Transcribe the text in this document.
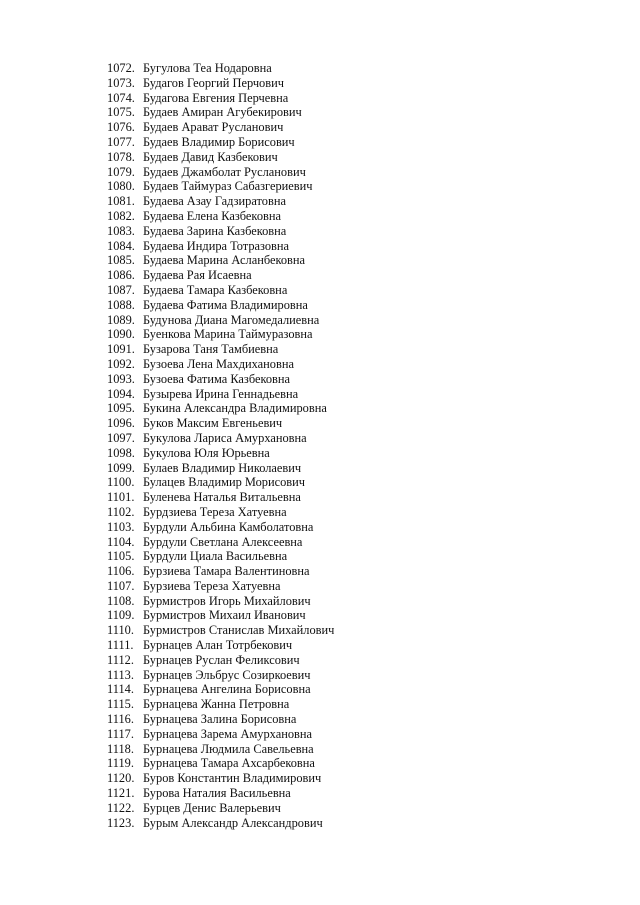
1072. Бугулова Теа Нодаровна
1073. Будагов Георгий Перчович
1074. Будагова Евгения Перчевна
1075. Будаев Амиран Агубекирович
1076. Будаев Арават Русланович
1077. Будаев Владимир Борисович
1078. Будаев Давид Казбекович
1079. Будаев Джамболат Русланович
1080. Будаев Таймураз Сабазгериевич
1081. Будаева Азау Гадзиратовна
1082. Будаева Елена Казбековна
1083. Будаева Зарина Казбековна
1084. Будаева Индира Тотразовна
1085. Будаева Марина Асланбековна
1086. Будаева Рая Исаевна
1087. Будаева Тамара Казбековна
1088. Будаева Фатима Владимировна
1089. Будунова Диана Магомедалиевна
1090. Буенкова Марина Таймуразовна
1091. Бузарова Таня Тамбиевна
1092. Бузоева Лена Махдихановна
1093. Бузоева Фатима Казбековна
1094. Бузырева Ирина Геннадьевна
1095. Букина Александра Владимировна
1096. Буков Максим Евгеньевич
1097. Букулова Лариса Амурхановна
1098. Букулова Юля Юрьевна
1099. Булаев Владимир Николаевич
1100. Булацев Владимир Морисович
1101. Буленева Наталья Витальевна
1102. Бурдзиева Тереза Хатуевна
1103. Бурдули Альбина Камболатовна
1104. Бурдули Светлана Алексеевна
1105. Бурдули Циала Васильевна
1106. Бурзиева Тамара Валентиновна
1107. Бурзиева Тереза Хатуевна
1108. Бурмистров Игорь Михайлович
1109. Бурмистров Михаил Иванович
1110. Бурмистров Станислав Михайлович
1111. Бурнацев Алан Тотрбекович
1112. Бурнацев Руслан Феликсович
1113. Бурнацев Эльбрус Созиркоевич
1114. Бурнацева Ангелина Борисовна
1115. Бурнацева Жанна Петровна
1116. Бурнацева Залина Борисовна
1117. Бурнацева Зарема Амурхановна
1118. Бурнацева Людмила Савельевна
1119. Бурнацева Тамара Ахсарбековна
1120. Буров Константин Владимирович
1121. Бурова Наталия Васильевна
1122. Бурцев Денис Валерьевич
1123. Бурым Александр Александрович
